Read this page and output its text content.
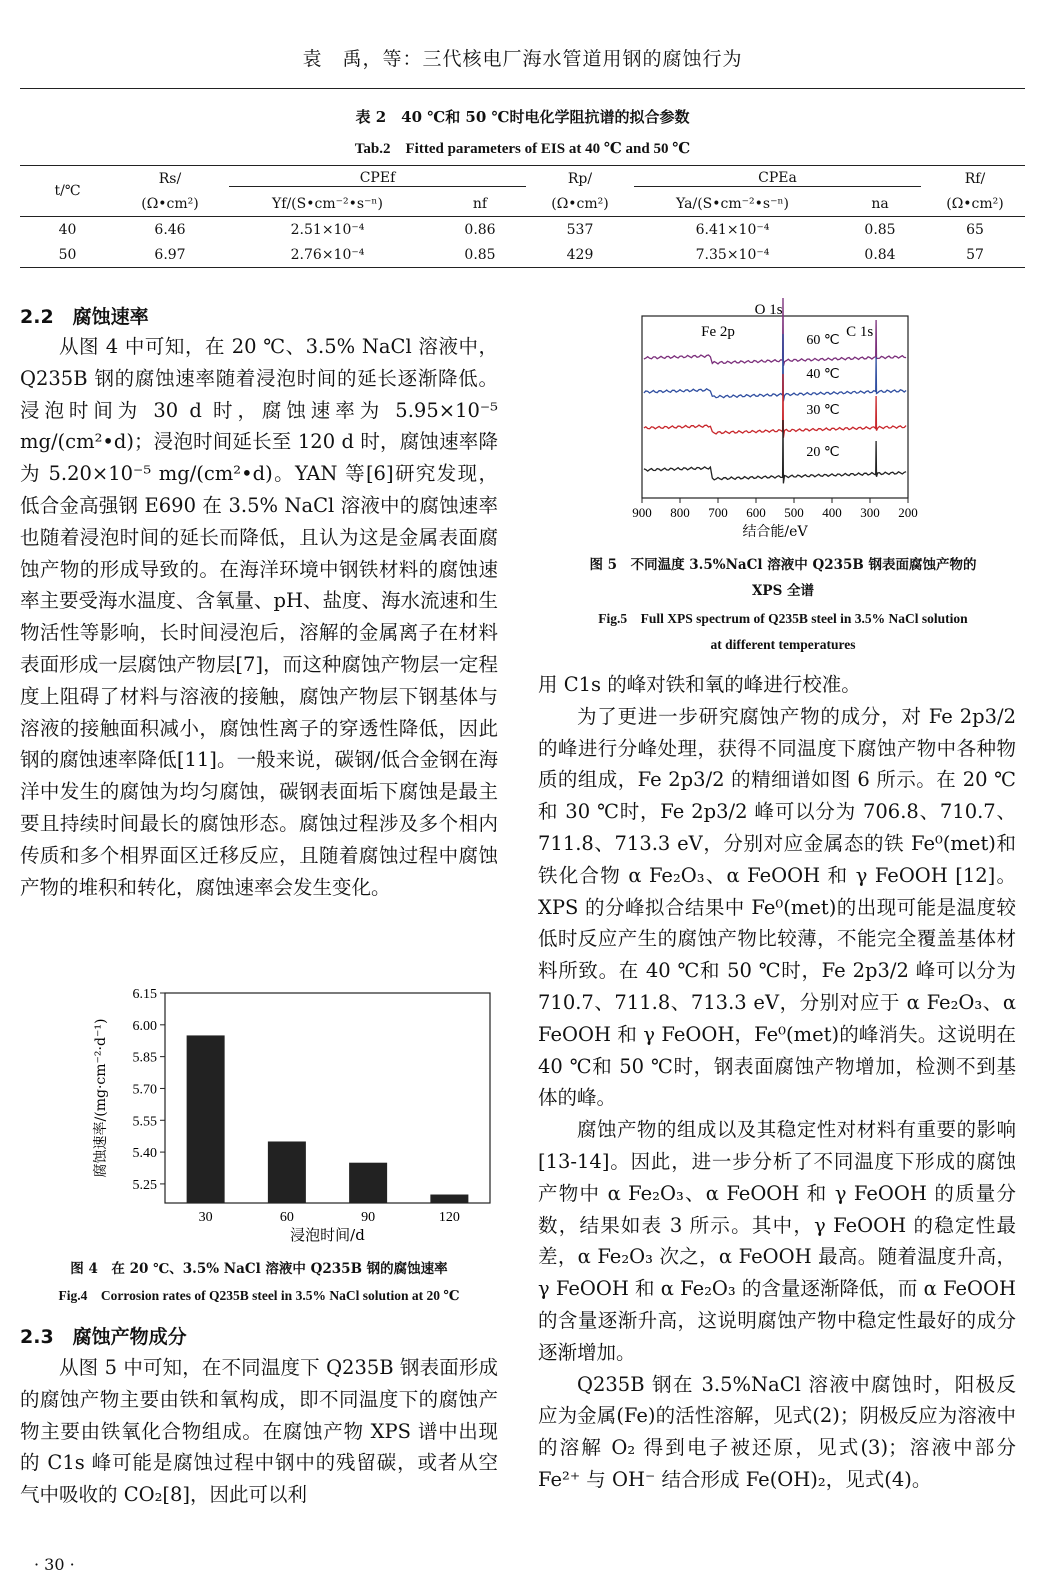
袁　禹，等：三代核电厂海水管道用钢的腐蚀行为
表 2　40 ℃和 50 ℃时电化学阻抗谱的拟合参数
Tab.2　Fitted parameters of EIS at 40 ℃ and 50 ℃
t/℃	Rs/	CPEf		Rp/	CPEa		Rf/
	(Ω•cm²)	Yf/(S•cm⁻²•s⁻ⁿ)	nf	(Ω•cm²)	Ya/(S•cm⁻²•s⁻ⁿ)	na	(Ω•cm²)
40	6.46	2.51×10⁻⁴	0.86	537	6.41×10⁻⁴	0.85	65
50	6.97	2.76×10⁻⁴	0.85	429	7.35×10⁻⁴	0.84	57
2.2　腐蚀速率

从图 4 中可知，在 20 ℃、3.5% NaCl 溶液中，Q235B 钢的腐蚀速率随着浸泡时间的延长逐渐降低。浸泡时间为 30 d 时，腐蚀速率为 5.95×10⁻⁵ mg/(cm²•d)；浸泡时间延长至 120 d 时，腐蚀速率降为 5.20×10⁻⁵ mg/(cm²•d)。YAN 等[6]研究发现，低合金高强钢 E690 在 3.5% NaCl 溶液中的腐蚀速率也随着浸泡时间的延长而降低，且认为这是金属表面腐蚀产物的形成导致的。在海洋环境中钢铁材料的腐蚀速率主要受海水温度、含氧量、pH、盐度、海水流速和生物活性等影响，长时间浸泡后，溶解的金属离子在材料表面形成一层腐蚀产物层[7]，而这种腐蚀产物层一定程度上阻碍了材料与溶液的接触，腐蚀产物层下钢基体与溶液的接触面积减小，腐蚀性离子的穿透性降低，因此钢的腐蚀速率降低[11]。一般来说，碳钢/低合金钢在海洋中发生的腐蚀为均匀腐蚀，碳钢表面垢下腐蚀是最主要且持续时间最长的腐蚀形态。腐蚀过程涉及多个相内传质和多个相界面区迁移反应，且随着腐蚀过程中腐蚀产物的堆积和转化，腐蚀速率会发生变化。

5.25
5.40
5.55
5.70
5.85
6.00
6.15
30	60	90	120
浸泡时间/d
腐蚀速率/(mg·cm⁻²·d⁻¹)
图 4　在 20 ℃、3.5% NaCl 溶液中 Q235B 钢的腐蚀速率
Fig.4　Corrosion rates of Q235B steel in 3.5% NaCl solution at 20 ℃
2.3　腐蚀产物成分

从图 5 中可知，在不同温度下 Q235B 钢表面形成的腐蚀产物主要由铁和氧构成，即不同温度下的腐蚀产物主要由铁氧化合物组成。在腐蚀产物 XPS 谱中出现的 C1s 峰可能是腐蚀过程中钢中的残留碳，或者从空气中吸收的 CO₂[8]，因此可以利

· 30 ·
900 800 700 600 500 400 300 200
结合能/eV
60 ℃
40 ℃
30 ℃
20 ℃
Fe 2p
O 1s
C 1s
图 5　不同温度 3.5%NaCl 溶液中 Q235B 钢表面腐蚀产物的
XPS 全谱
Fig.5　Full XPS spectrum of Q235B steel in 3.5% NaCl solution
at different temperatures

用 C1s 的峰对铁和氧的峰进行校准。

为了更进一步研究腐蚀产物的成分，对 Fe 2p3/2 的峰进行分峰处理，获得不同温度下腐蚀产物中各种物质的组成，Fe 2p3/2 的精细谱如图 6 所示。在 20 ℃和 30 ℃时，Fe 2p3/2 峰可以分为 706.8、710.7、711.8、713.3 eV，分别对应金属态的铁 Fe⁰(met)和铁化合物 α Fe₂O₃、α FeOOH 和 γ FeOOH [12]。XPS 的分峰拟合结果中 Fe⁰(met)的出现可能是温度较低时反应产生的腐蚀产物比较薄，不能完全覆盖基体材料所致。在 40 ℃和 50 ℃时，Fe 2p3/2 峰可以分为 710.7、711.8、713.3 eV，分别对应于 α Fe₂O₃、α FeOOH 和 γ FeOOH，Fe⁰(met)的峰消失。这说明在 40 ℃和 50 ℃时，钢表面腐蚀产物增加，检测不到基体的峰。

腐蚀产物的组成以及其稳定性对材料有重要的影响[13-14]。因此，进一步分析了不同温度下形成的腐蚀产物中 α Fe₂O₃、α FeOOH 和 γ FeOOH 的质量分数，结果如表 3 所示。其中，γ FeOOH 的稳定性最差，α Fe₂O₃ 次之，α FeOOH 最高。随着温度升高，γ FeOOH 和 α Fe₂O₃ 的含量逐渐降低，而 α FeOOH 的含量逐渐升高，这说明腐蚀产物中稳定性最好的成分逐渐增加。

Q235B 钢在 3.5%NaCl 溶液中腐蚀时，阳极反应为金属(Fe)的活性溶解，见式(2)；阴极反应为溶液中的溶解 O₂ 得到电子被还原，见式(3)；溶液中部分 Fe²⁺ 与 OH⁻ 结合形成 Fe(OH)₂，见式(4)。
